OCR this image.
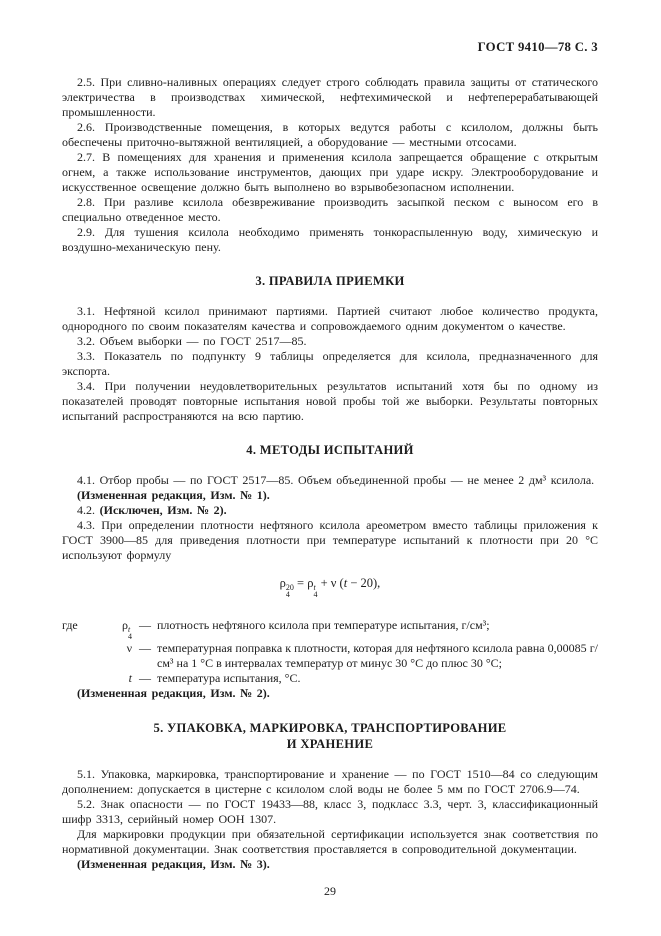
ГОСТ 9410—78 С. 3

2.5. При сливно-наливных операциях следует строго соблюдать правила защиты от статического электричества в производствах химической, нефтехимической и нефтеперерабатывающей промышленности.

2.6. Производственные помещения, в которых ведутся работы с ксилолом, должны быть обеспечены приточно-вытяжной вентиляцией, а оборудование — местными отсосами.

2.7. В помещениях для хранения и применения ксилола запрещается обращение с открытым огнем, а также использование инструментов, дающих при ударе искру. Электрооборудование и искусственное освещение должно быть выполнено во взрывобезопасном исполнении.

2.8. При разливе ксилола обезвреживание производить засыпкой песком с выносом его в специально отведенное место.

2.9. Для тушения ксилола необходимо применять тонкораспыленную воду, химическую и воздушно-механическую пену.

3. ПРАВИЛА ПРИЕМКИ

3.1. Нефтяной ксилол принимают партиями. Партией считают любое количество продукта, однородного по своим показателям качества и сопровождаемого одним документом о качестве.

3.2. Объем выборки — по ГОСТ 2517—85.

3.3. Показатель по подпункту 9 таблицы определяется для ксилола, предназначенного для экспорта.

3.4. При получении неудовлетворительных результатов испытаний хотя бы по одному из показателей проводят повторные испытания новой пробы той же выборки. Результаты повторных испытаний распространяются на всю партию.

4. МЕТОДЫ ИСПЫТАНИЙ

4.1. Отбор пробы — по ГОСТ 2517—85. Объем объединенной пробы — не менее 2 дм³ ксилола.

(Измененная редакция, Изм. № 1).

4.2. (Исключен, Изм. № 2).

4.3. При определении плотности нефтяного ксилола ареометром вместо таблицы приложения к ГОСТ 3900—85 для приведения плотности при температуре испытаний к плотности при 20 °С используют формулу

ρ 20
4
= ρ t
4
+ ν (t − 20),
где	ρ t
4
— плотность нефтяного ксилола при температуре испытания, г/см³;
ν — температурная поправка к плотности, которая для нефтяного ксилола равна 0,00085 г/см³ на 1 °С в интервалах температур от минус 30 °С до плюс 30 °С;
t — температура испытания, °С.

(Измененная редакция, Изм. № 2).

5. УПАКОВКА, МАРКИРОВКА, ТРАНСПОРТИРОВАНИЕ
И ХРАНЕНИЕ

5.1. Упаковка, маркировка, транспортирование и хранение — по ГОСТ 1510—84 со следующим дополнением: допускается в цистерне с ксилолом слой воды не более 5 мм по ГОСТ 2706.9—74.

5.2. Знак опасности — по ГОСТ 19433—88, класс 3, подкласс 3.3, черт. 3, классификационный шифр 3313, серийный номер ООН 1307.

Для маркировки продукции при обязательной сертификации используется знак соответствия по нормативной документации. Знак соответствия проставляется в сопроводительной документации.

(Измененная редакция, Изм. № 3).

29
